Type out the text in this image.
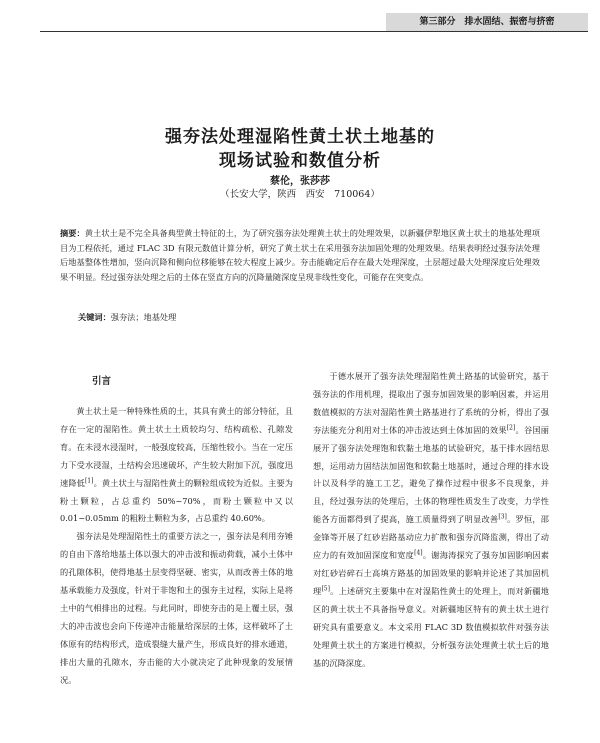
第三部分　排水固结、振密与挤密
强夯法处理湿陷性黄土状土地基的
现场试验和数值分析
蔡伦，张莎莎
（长安大学，陕西　西安　710064）

摘要：黄土状土是不完全具备典型黄土特征的土，为了研究强夯法处理黄土状土的处理效果，以新疆伊犁地区黄土状土的地基处理项目为工程依托，通过 FLAC 3D 有限元数值计算分析，研究了黄土状土在采用强夯法加固处理的处理效果。结果表明经过强夯法处理后地基整体性增加，竖向沉降和侧向位移能够在较大程度上减少。夯击能确定后存在最大处理深度，土层超过最大处理深度后处理效果不明显。经过强夯法处理之后的土体在竖直方向的沉降量随深度呈现非线性变化，可能存在突变点。

关键词：强夯法；地基处理
引言

黄土状土是一种特殊性质的土，其具有黄土的部分特征，且存在一定的湿陷性。黄土状土土质较均匀、结构疏松、孔隙发育。在未浸水浸湿时，一般强度较高，压缩性较小。当在一定压力下受水浸湿，土结构会迅速破坏，产生较大附加下沉，强度迅速降低[1]。黄土状土与湿陷性黄土的颗粒组成较为近似。主要为粉土颗粒，占总重约 50%~70%，而粉土颗粒中又以 0.01~0.05mm 的粗粉土颗粒为多，占总重约 40.60%。

强夯法是处理湿陷性土的重要方法之一，强夯法是利用夯锤的自由下落给地基土体以强大的冲击波和振动荷载，减小土体中的孔隙体积，使得地基土层变得坚硬、密实，从而改善土体的地基承载能力及强度，针对于非饱和土的强夯主过程，实际上是将土中的气相排出的过程。与此同时，即使夯击的是上覆土层，强大的冲击波也会向下传递冲击能量给深层的土体，这样破坏了土体原有的结构形式，造成裂缝大量产生，形成良好的排水通道，排出大量的孔隙水，夯击能的大小就决定了此种现象的发展情况。

于德水展开了强夯法处理湿陷性黄土路基的试验研究，基于强夯法的作用机理，提取出了强夯加固效果的影响因素，并运用数值模拟的方法对湿陷性黄土路基进行了系统的分析，得出了强夯法能充分利用对土体的冲击波达到土体加固的效果[2]。谷国丽展开了强夯法处理饱和软黏土地基的试验研究，基于排水固结思想，运用动力固结法加固饱和软黏土地基时，通过合理的排水设计以及科学的施工工艺，避免了操作过程中很多不良现象，并且，经过强夯法的处理后，土体的物理性质发生了改变，力学性能各方面都得到了提高，施工质量得到了明显改善[3]。罗恒，邵金锋等开展了红砂岩路基动应力扩散和强夯沉降监测，得出了动应力的有效加固深度和宽度[4]。谢海涛探究了强夯加固影响因素对红砂岩碎石土高填方路基的加固效果的影响并论述了其加固机理[5]。上述研究主要集中在对湿陷性黄土的处理上，而对新疆地区的黄土状土不具备指导意义。对新疆地区特有的黄土状土进行研究具有重要意义。本文采用 FLAC 3D 数值模拟软件对强夯法处理黄土状土的方案进行模拟，分析强夯法处理黄土状土后的地基的沉降深度。
